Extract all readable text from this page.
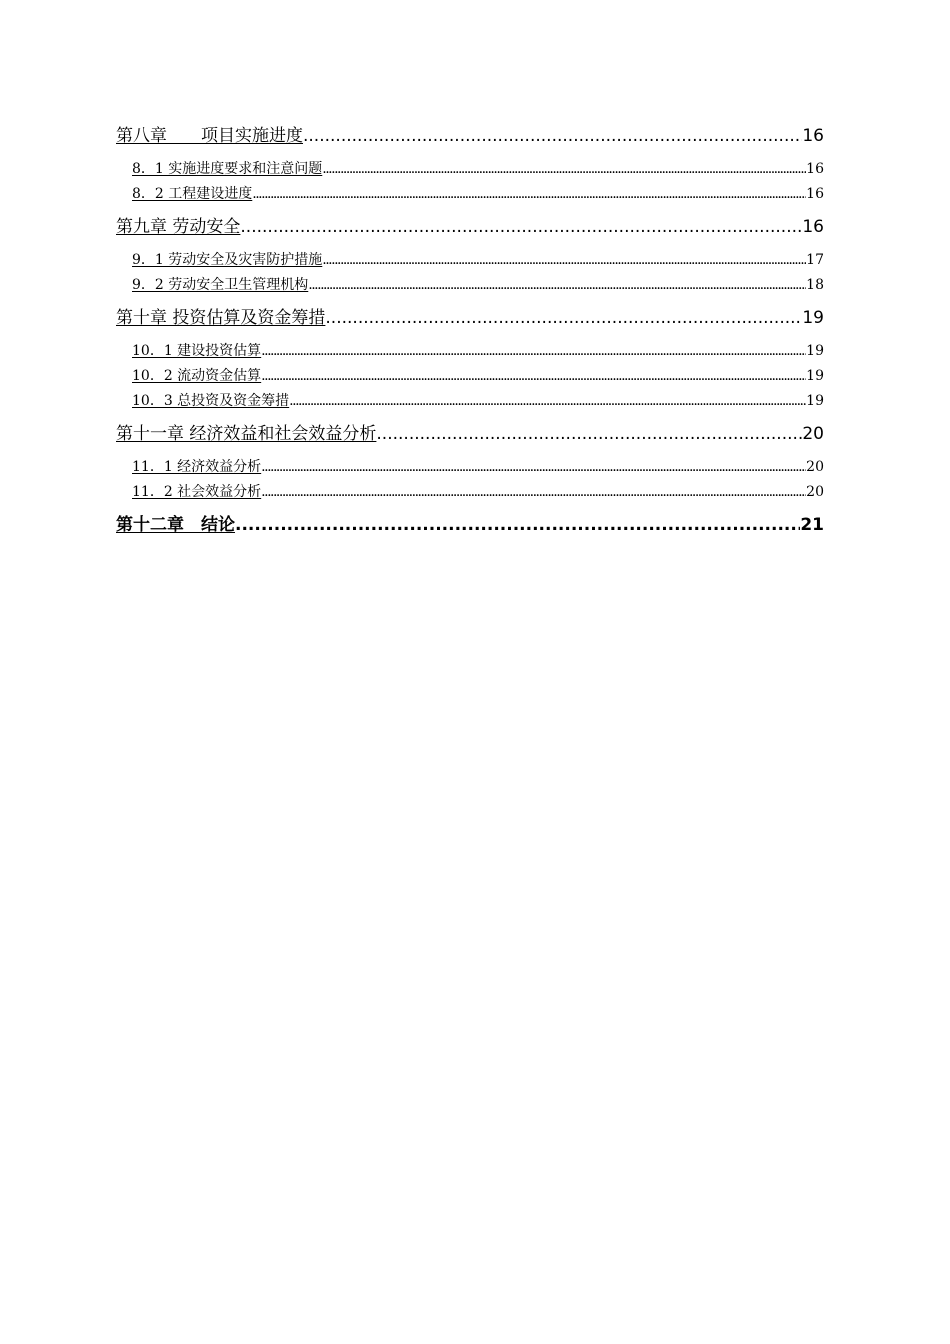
第八章　　项目实施进度 .....	16
8．1 实施进度要求和注意问题 .....	16
8．2 工程建设进度 .....	16
第九章 劳动安全 .....	16
9．1 劳动安全及灾害防护措施 .....	17
9．2 劳动安全卫生管理机构 .....	18
第十章 投资估算及资金筹措 .....	19
10．1 建设投资估算 .....	19
10．2 流动资金估算 .....	19
10．3 总投资及资金筹措 .....	19
第十一章 经济效益和社会效益分析 .....	20
11．1 经济效益分析 .....	20
11．2 社会效益分析 .....	20
第十二章　结论 .....	21
